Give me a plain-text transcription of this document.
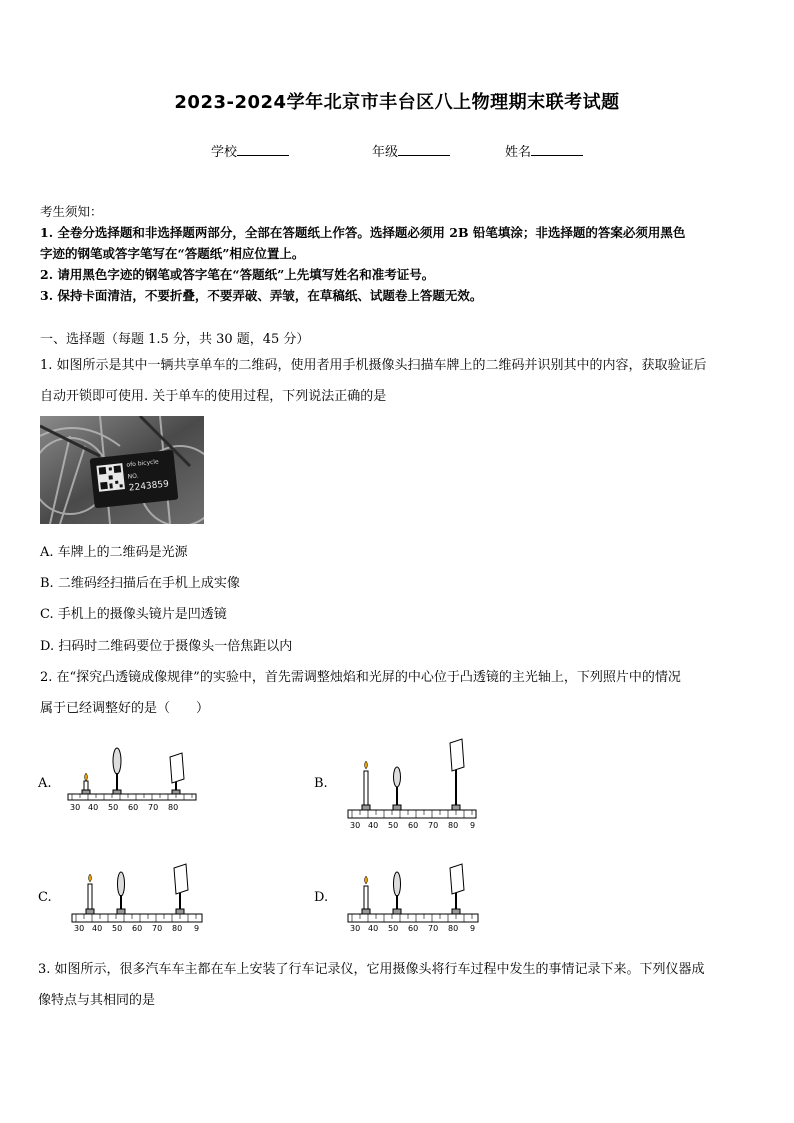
2023-2024学年北京市丰台区八上物理期末联考试题
学校	年级	姓名
考生须知：
1. 全卷分选择题和非选择题两部分，全部在答题纸上作答。选择题必须用 2B 铅笔填涂；非选择题的答案必须用黑色
字迹的钢笔或答字笔写在“答题纸”相应位置上。
2. 请用黑色字迹的钢笔或答字笔在“答题纸”上先填写姓名和准考证号。
3. 保持卡面清洁，不要折叠，不要弄破、弄皱，在草稿纸、试题卷上答题无效。
一、选择题（每题 1.5 分，共 30 题，45 分）
1. 如图所示是其中一辆共享单车的二维码，使用者用手机摄像头扫描车牌上的二维码并识别其中的内容，获取验证后
自动开锁即可使用. 关于单车的使用过程，下列说法正确的是
ofo bicycle
NO.
2243859
A. 车牌上的二维码是光源
B. 二维码经扫描后在手机上成实像
C. 手机上的摄像头镜片是凹透镜
D. 扫码时二维码要位于摄像头一倍焦距以内
2. 在“探究凸透镜成像规律”的实验中，首先需调整烛焰和光屏的中心位于凸透镜的主光轴上，下列照片中的情况
属于已经调整好的是（　　）
A.	B.
C.	D.
30 40 50 60 70 80
30 40 50 60 70 80 9
30 40 50 60 70 80 9	30 40 50 60 70 80 9
3. 如图所示，很多汽车车主都在车上安装了行车记录仪，它用摄像头将行车过程中发生的事情记录下来。下列仪器成
像特点与其相同的是
